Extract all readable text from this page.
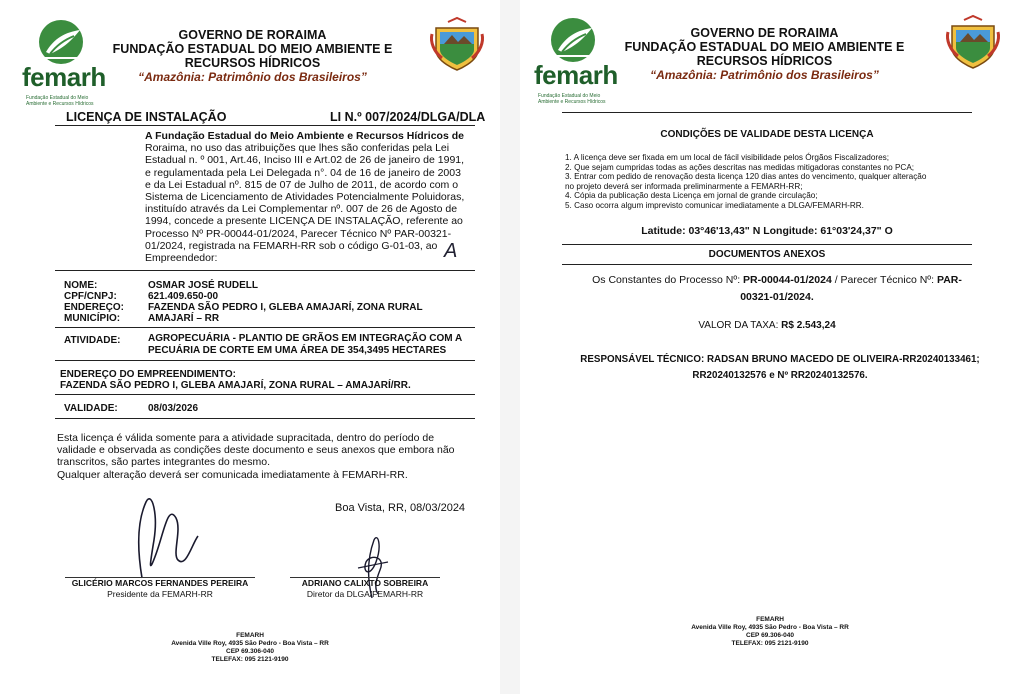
femarh
Fundação Estadual do Meio Ambiente e Recursos Hídricos
GOVERNO DE RORAIMA
FUNDAÇÃO ESTADUAL DO MEIO AMBIENTE E
RECURSOS HÍDRICOS
“Amazônia: Patrimônio dos Brasileiros”
LICENÇA DE INSTALAÇÃO	LI N.º 007/2024/DLGA/DLA
A Fundação Estadual do Meio Ambiente e Recursos Hídricos de
Roraima, no uso das atribuições que lhes são conferidas pela Lei
Estadual n. º 001, Art.46, Inciso III e Art.02 de 26 de janeiro de 1991,
e regulamentada pela Lei Delegada n°. 04 de 16 de janeiro de 2003
e da Lei Estadual nº. 815 de 07 de Julho de 2011, de acordo com o
Sistema de Licenciamento de Atividades Potencialmente Poluidoras,
instituído através da Lei Complementar nº. 007 de 26 de Agosto de
1994, concede a presente LICENÇA DE INSTALAÇÃO, referente ao
Processo Nº PR-00044-01/2024, Parecer Técnico Nº PAR-00321-
01/2024, registrada na FEMARH-RR sob o código G-01-03, ao
Empreendedor:	A
NOME:	OSMAR JOSÉ RUDELL
CPF/CNPJ:	621.409.650-00
ENDEREÇO: FAZENDA SÃO PEDRO I, GLEBA AMAJARÍ, ZONA RURAL
MUNICÍPIO:	AMAJARÍ – RR
ATIVIDADE:	AGROPECUÁRIA - PLANTIO DE GRÃOS EM INTEGRAÇÃO COM A
PECUÁRIA DE CORTE EM UMA ÁREA DE 354,3495 HECTARES
ENDEREÇO DO EMPREENDIMENTO:
FAZENDA SÃO PEDRO I, GLEBA AMAJARÍ, ZONA RURAL – AMAJARÍ/RR.
VALIDADE:	08/03/2026
Esta licença é válida somente para a atividade supracitada, dentro do período de
validade e observada as condições deste documento e seus anexos que embora não
transcritos, são partes integrantes do mesmo.
Qualquer alteração deverá ser comunicada imediatamente à FEMARH-RR.
Boa Vista, RR, 08/03/2024
GLICÉRIO MARCOS FERNANDES PEREIRA
Presidente da FEMARH-RR
ADRIANO CALIXTO SOBREIRA
Diretor da DLGA/FEMARH-RR
FEMARH
Avenida Ville Roy, 4935 São Pedro - Boa Vista – RR
CEP 69.306-040
TELEFAX: 095 2121-9190
femarh
Fundação Estadual do Meio Ambiente e Recursos Hídricos
GOVERNO DE RORAIMA
FUNDAÇÃO ESTADUAL DO MEIO AMBIENTE E
RECURSOS HÍDRICOS
“Amazônia: Patrimônio dos Brasileiros”
CONDIÇÕES DE VALIDADE DESTA LICENÇA
1. A licença deve ser fixada em um local de fácil visibilidade pelos Órgãos Fiscalizadores;
2. Que sejam cumpridas todas as ações descritas nas medidas mitigadoras constantes no PCA;
3. Entrar com pedido de renovação desta licença 120 dias antes do vencimento, qualquer alteração
no projeto deverá ser informada preliminarmente a FEMARH-RR;
4. Cópia da publicação desta Licença em jornal de grande circulação;
5. Caso ocorra algum imprevisto comunicar imediatamente a DLGA/FEMARH-RR.
Latitude: 03°46'13,43" N Longitude: 61°03'24,37" O
DOCUMENTOS ANEXOS
Os Constantes do Processo Nº: PR-00044-01/2024 / Parecer Técnico Nº: PAR-
00321-01/2024.
VALOR DA TAXA: R$ 2.543,24
RESPONSÁVEL TÉCNICO: RADSAN BRUNO MACEDO DE OLIVEIRA-RR20240133461;
RR20240132576 e Nº RR20240132576.
FEMARH
Avenida Ville Roy, 4935 São Pedro - Boa Vista – RR
CEP 69.306-040
TELEFAX: 095 2121-9190
